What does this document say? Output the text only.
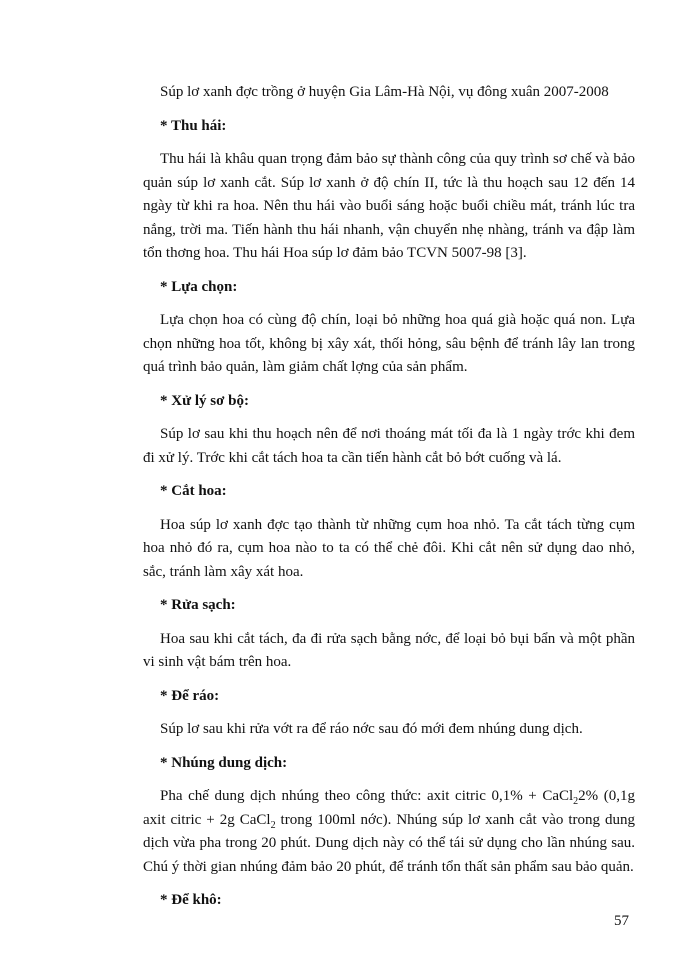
Súp lơ xanh đợc trồng ở huyện Gia Lâm-Hà Nội, vụ đông xuân 2007-2008

* Thu hái:

Thu hái là khâu quan trọng đảm bảo sự thành công của quy trình sơ chế và bảo quản súp lơ xanh cắt. Súp lơ xanh ở độ chín II, tức là thu hoạch sau 12 đến 14 ngày từ khi ra hoa. Nên thu hái vào buổi sáng hoặc buổi chiều mát, tránh lúc tra nắng, trời ma. Tiến hành thu hái nhanh, vận chuyển nhẹ nhàng, tránh va đập làm tổn thơng hoa. Thu hái Hoa súp lơ đảm bảo TCVN 5007-98 [3].

* Lựa chọn:

Lựa chọn hoa có cùng độ chín, loại bỏ những hoa quá già hoặc quá non. Lựa chọn những hoa tốt, không bị xây xát, thối hỏng, sâu bệnh để tránh lây lan trong quá trình bảo quản, làm giảm chất lợng của sản phẩm.

* Xử lý sơ bộ:

Súp lơ sau khi thu hoạch nên để nơi thoáng mát tối đa là 1 ngày trớc khi đem đi xử lý. Trớc khi cắt tách hoa ta cần tiến hành cắt bỏ bớt cuống và lá.

* Cắt hoa:

Hoa súp lơ xanh đợc tạo thành từ những cụm hoa nhỏ. Ta cắt tách từng cụm hoa nhỏ đó ra, cụm hoa nào to ta có thể chẻ đôi. Khi cắt nên sử dụng dao nhỏ, sắc, tránh làm xây xát hoa.

* Rửa sạch:

Hoa sau khi cắt tách, đa đi rửa sạch bằng nớc, để loại bỏ bụi bẩn và một phần vi sinh vật bám trên hoa.

* Để ráo:

Súp lơ sau khi rửa vớt ra để ráo nớc sau đó mới đem nhúng dung dịch.

* Nhúng dung dịch:

Pha chế dung dịch nhúng theo công thức: axit citric 0,1% + CaCl$_2$2% (0,1g axit citric + 2g CaCl$_2$ trong 100ml nớc). Nhúng súp lơ xanh cắt vào trong dung dịch vừa pha trong 20 phút. Dung dịch này có thể tái sử dụng cho lần nhúng sau. Chú ý thời gian nhúng đảm bảo 20 phút, để tránh tổn thất sản phẩm sau bảo quản.

* Để khô:

57
